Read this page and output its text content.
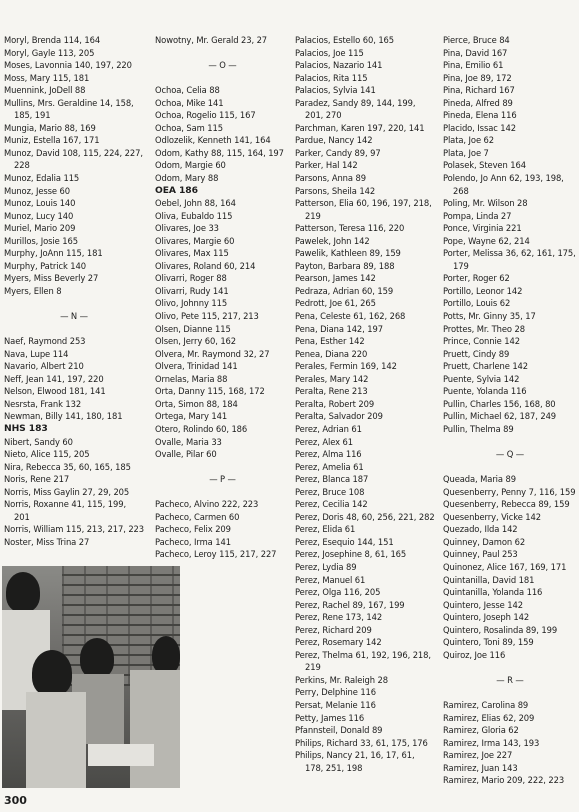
Moryl, Brenda 114, 164
Moryl, Gayle 113, 205
Moses, Lavonnia 140, 197, 220
Moss, Mary 115, 181
Muennink, JoDell 88
Mullins, Mrs. Geraldine 14, 158, 185, 191
Mungia, Mario 88, 169
Muniz, Estella 167, 171
Munoz, David 108, 115, 224, 227, 228
Munoz, Edalia 115
Munoz, Jesse 60
Munoz, Louis 140
Munoz, Lucy 140
Muriel, Mario 209
Murillos, Josie 165
Murphy, JoAnn 115, 181
Murphy, Patrick 140
Myers, Miss Beverly 27
Myers, Ellen 8
— N —
Naef, Raymond 253
Nava, Lupe 114
Navario, Albert 210
Neff, Jean 141, 197, 220
Nelson, Elwood 181, 141
Nesrsta, Frank 132
Newman, Billy 141, 180, 181
NHS 183
Nibert, Sandy 60
Nieto, Alice 115, 205
Nira, Rebecca 35, 60, 165, 185
Noris, Rene 217
Norris, Miss Gaylin 27, 29, 205
Norris, Roxanne 41, 115, 199, 201
Norris, William 115, 213, 217, 223
Noster, Miss Trina 27
Nowotny, Mr. Gerald 23, 27
— O —
Ochoa, Celia 88
Ochoa, Mike 141
Ochoa, Rogelio 115, 167
Ochoa, Sam 115
Odlozelik, Kenneth 141, 164
Odom, Kathy 88, 115, 164, 197
Odom, Margie 60
Odom, Mary 88
OEA 186
Oebel, John 88, 164
Oliva, Eubaldo 115
Olivares, Joe 33
Olivares, Margie 60
Olivares, Max 115
Olivares, Roland 60, 214
Olivarri, Roger 88
Olivarri, Rudy 141
Olivo, Johnny 115
Olivo, Pete 115, 217, 213
Olsen, Dianne 115
Olsen, Jerry 60, 162
Olvera, Mr. Raymond 32, 27
Olvera, Trinidad 141
Ornelas, Maria 88
Orta, Danny 115, 168, 172
Orta, Simon 88, 184
Ortega, Mary 141
Otero, Rolindo 60, 186
Ovalle, Maria 33
Ovalle, Pilar 60
— P —
Pacheco, Alvino 222, 223
Pacheco, Carmen 60
Pacheco, Felix 209
Pacheco, Irma 141
Pacheco, Leroy 115, 217, 227
Palacios, Estello 60, 165
Palacios, Joe 115
Palacios, Nazario 141
Palacios, Rita 115
Palacios, Sylvia 141
Paradez, Sandy 89, 144, 199, 201, 270
Parchman, Karen 197, 220, 141
Pardue, Nancy 142
Parker, Candy 89, 97
Parker, Hal 142
Parsons, Anna 89
Parsons, Sheila 142
Patterson, Elia 60, 196, 197, 218, 219
Patterson, Teresa 116, 220
Pawelek, John 142
Pawelik, Kathleen 89, 159
Payton, Barbara 89, 188
Pearson, James 142
Pedraza, Adrian 60, 159
Pedrott, Joe 61, 265
Pena, Celeste 61, 162, 268
Pena, Diana 142, 197
Pena, Esther 142
Penea, Diana 220
Perales, Fermin 169, 142
Perales, Mary 142
Peralta, Rene 213
Peralta, Robert 209
Peralta, Salvador 209
Perez, Adrian 61
Perez, Alex 61
Perez, Alma 116
Perez, Amelia 61
Perez, Blanca 187
Perez, Bruce 108
Perez, Cecilia 142
Perez, Doris 48, 60, 256, 221, 282
Perez, Elida 61
Perez, Esequio 144, 151
Perez, Josephine 8, 61, 165
Perez, Lydia 89
Perez, Manuel 61
Perez, Olga 116, 205
Perez, Rachel 89, 167, 199
Perez, Rene 173, 142
Perez, Richard 209
Perez, Rosemary 142
Perez, Thelma 61, 192, 196, 218, 219
Perkins, Mr. Raleigh 28
Perry, Delphine 116
Persat, Melanie 116
Petty, James 116
Pfannsteil, Donald 89
Philips, Richard 33, 61, 175, 176
Philips, Nancy 21, 16, 17, 61, 178, 251, 198
Pierce, Bruce 84
Pina, David 167
Pina, Emilio 61
Pina, Joe 89, 172
Pina, Richard 167
Pineda, Alfred 89
Pineda, Elena 116
Placido, Issac 142
Plata, Joe 62
Plata, Joe 7
Polasek, Steven 164
Polendo, Jo Ann 62, 193, 198, 268
Poling, Mr. Wilson 28
Pompa, Linda 27
Ponce, Virginia 221
Pope, Wayne 62, 214
Porter, Melissa 36, 62, 161, 175, 179
Porter, Roger 62
Portillo, Leonor 142
Portillo, Louis 62
Potts, Mr. Ginny 35, 17
Prottes, Mr. Theo 28
Prince, Connie 142
Pruett, Cindy 89
Pruett, Charlene 142
Puente, Sylvia 142
Puente, Yolanda 116
Pullin, Charles 156, 168, 80
Pullin, Michael 62, 187, 249
Pullin, Thelma 89
— Q —
Queada, Maria 89
Quesenberry, Penny 7, 116, 159
Quesenberry, Rebecca 89, 159
Quesenberry, Vicke 142
Quezado, Ilda 142
Quinney, Damon 62
Quinney, Paul 253
Quinonez, Alice 167, 169, 171
Quintanilla, David 181
Quintanilla, Yolanda 116
Quintero, Jesse 142
Quintero, Joseph 142
Quintero, Rosalinda 89, 199
Quintero, Toni 89, 159
Quiroz, Joe 116
— R —
Ramirez, Carolina 89
Ramirez, Elias 62, 209
Ramirez, Gloria 62
Ramirez, Irma 143, 193
Ramirez, Joe 227
Ramirez, Juan 143
Ramirez, Mario 209, 222, 223
300
